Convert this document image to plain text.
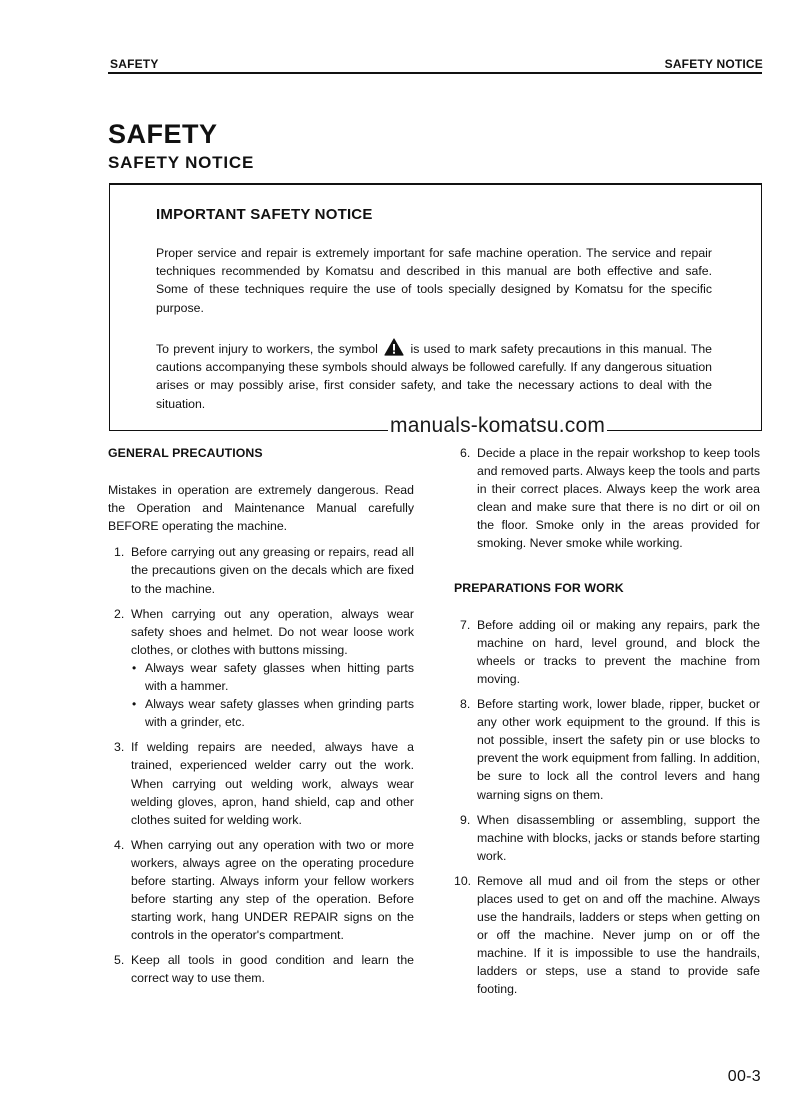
SAFETY	SAFETY NOTICE
SAFETY
SAFETY NOTICE
IMPORTANT SAFETY NOTICE

Proper service and repair is extremely important for safe machine operation. The service and repair techniques recommended by Komatsu and described in this manual are both effective and safe. Some of these techniques require the use of tools specially designed by Komatsu for the specific purpose.

To prevent injury to workers, the symbol	is used to mark safety precautions in this manual. The cautions accompanying these symbols should always be followed carefully. If any dangerous situation arises or may possibly arise, first consider safety, and take the necessary actions to deal with the situation.

manuals-komatsu.com
GENERAL PRECAUTIONS

Mistakes in operation are extremely dangerous. Read the Operation and Maintenance Manual carefully BEFORE operating the machine.

1. Before carrying out any greasing or repairs, read all the precautions given on the decals which are fixed to the machine.
2. When carrying out any operation, always wear safety shoes and helmet. Do not wear loose work clothes, or clothes with buttons missing.
• Always wear safety glasses when hitting parts with a hammer.
• Always wear safety glasses when grinding parts with a grinder, etc.
3. If welding repairs are needed, always have a trained, experienced welder carry out the work. When carrying out welding work, always wear welding gloves, apron, hand shield, cap and other clothes suited for welding work.
4. When carrying out any operation with two or more workers, always agree on the operating procedure before starting. Always inform your fellow workers before starting any step of the operation. Before starting work, hang UNDER REPAIR signs on the controls in the operator's compartment.
5. Keep all tools in good condition and learn the correct way to use them.
6. Decide a place in the repair workshop to keep tools and removed parts. Always keep the tools and parts in their correct places. Always keep the work area clean and make sure that there is no dirt or oil on the floor. Smoke only in the areas provided for smoking. Never smoke while working.
PREPARATIONS FOR WORK
7. Before adding oil or making any repairs, park the machine on hard, level ground, and block the wheels or tracks to prevent the machine from moving.
8. Before starting work, lower blade, ripper, bucket or any other work equipment to the ground. If this is not possible, insert the safety pin or use blocks to prevent the work equipment from falling. In addition, be sure to lock all the control levers and hang warning signs on them.
9. When disassembling or assembling, support the machine with blocks, jacks or stands before starting work.
10. Remove all mud and oil from the steps or other places used to get on and off the machine. Always use the handrails, ladders or steps when getting on or off the machine. Never jump on or off the machine. If it is impossible to use the handrails, ladders or steps, use a stand to provide safe footing.
00-3
